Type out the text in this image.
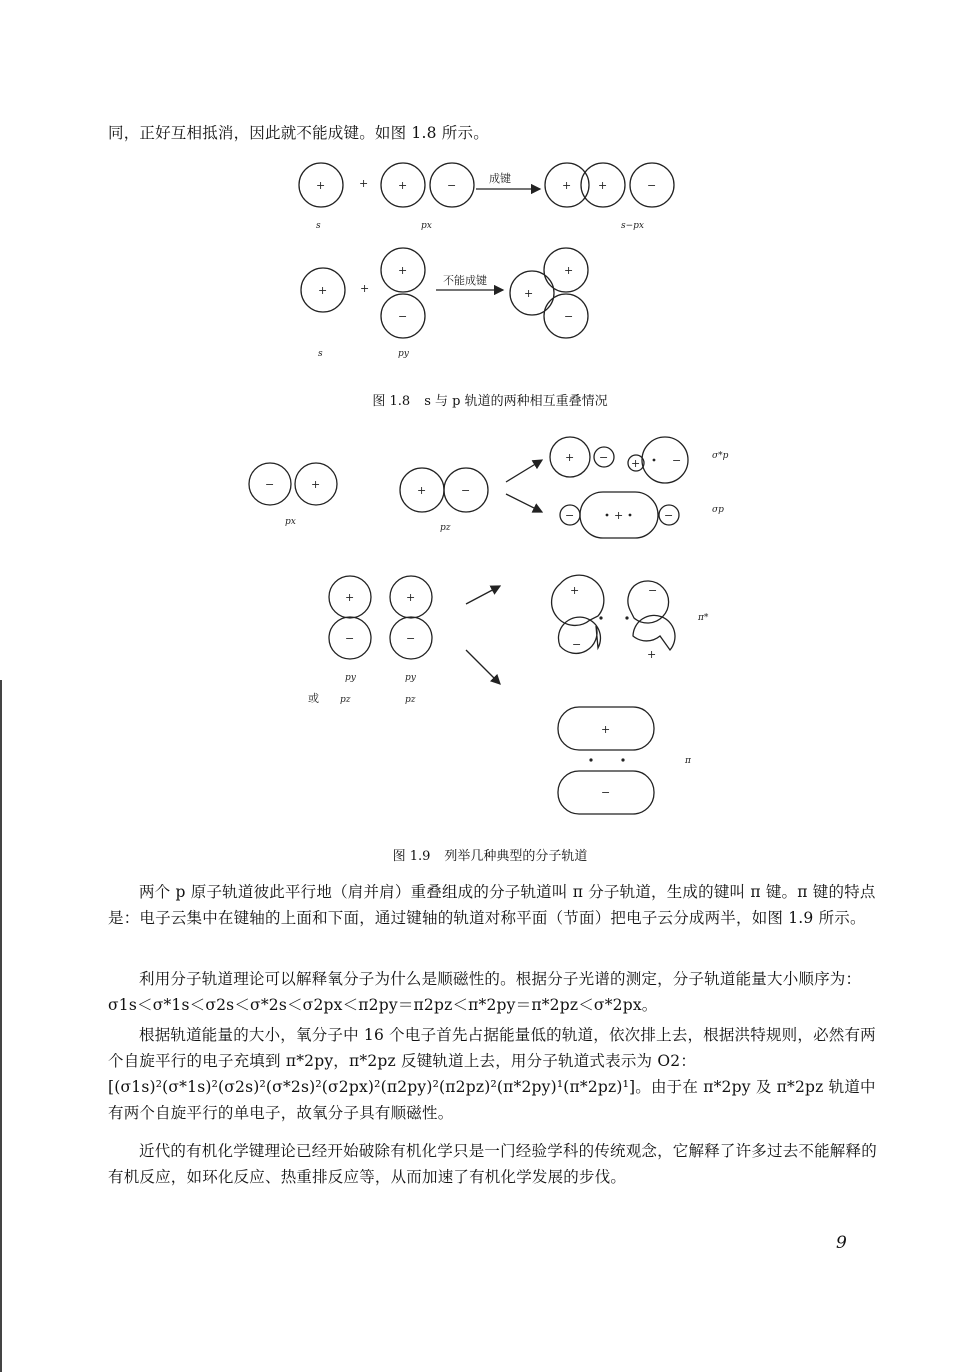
同，正好互相抵消，因此就不能成键。如图 1.8 所示。
+	+	+	−
成键
+ +	−
s	px	s−px
+	+
+
−
不能成键
+
+
−
s	py
−	+
px
+	−
pz
+ − +	−	σ*p
−	+	−	σp
+
−
+
−
py	py
或 pz	pz
+	−
−
+
π*
+
−
π
图 1.8 s 与 p 轨道的两种相互重叠情况
图 1.9 列举几种典型的分子轨道
两个 p 原子轨道彼此平行地（肩并肩）重叠组成的分子轨道叫 π 分子轨道，生成的键叫 π 键。π 键的特点是：电子云集中在键轴的上面和下面，通过键轴的轨道对称平面（节面）把电子云分成两半，如图 1.9 所示。
利用分子轨道理论可以解释氧分子为什么是顺磁性的。根据分子光谱的测定，分子轨道能量大小顺序为：σ1s＜σ*1s＜σ2s＜σ*2s＜σ2px＜π2py＝π2pz＜π*2py＝π*2pz＜σ*2px。
根据轨道能量的大小，氧分子中 16 个电子首先占据能量低的轨道，依次排上去，根据洪特规则，必然有两个自旋平行的电子充填到 π*2py，π*2pz 反键轨道上去，用分子轨道式表示为 O2：[(σ1s)²(σ*1s)²(σ2s)²(σ*2s)²(σ2px)²(π2py)²(π2pz)²(π*2py)¹(π*2pz)¹]。由于在 π*2py 及 π*2pz 轨道中有两个自旋平行的单电子，故氧分子具有顺磁性。
近代的有机化学键理论已经开始破除有机化学只是一门经验学科的传统观念，它解释了许多过去不能解释的有机反应，如环化反应、热重排反应等，从而加速了有机化学发展的步伐。
9
